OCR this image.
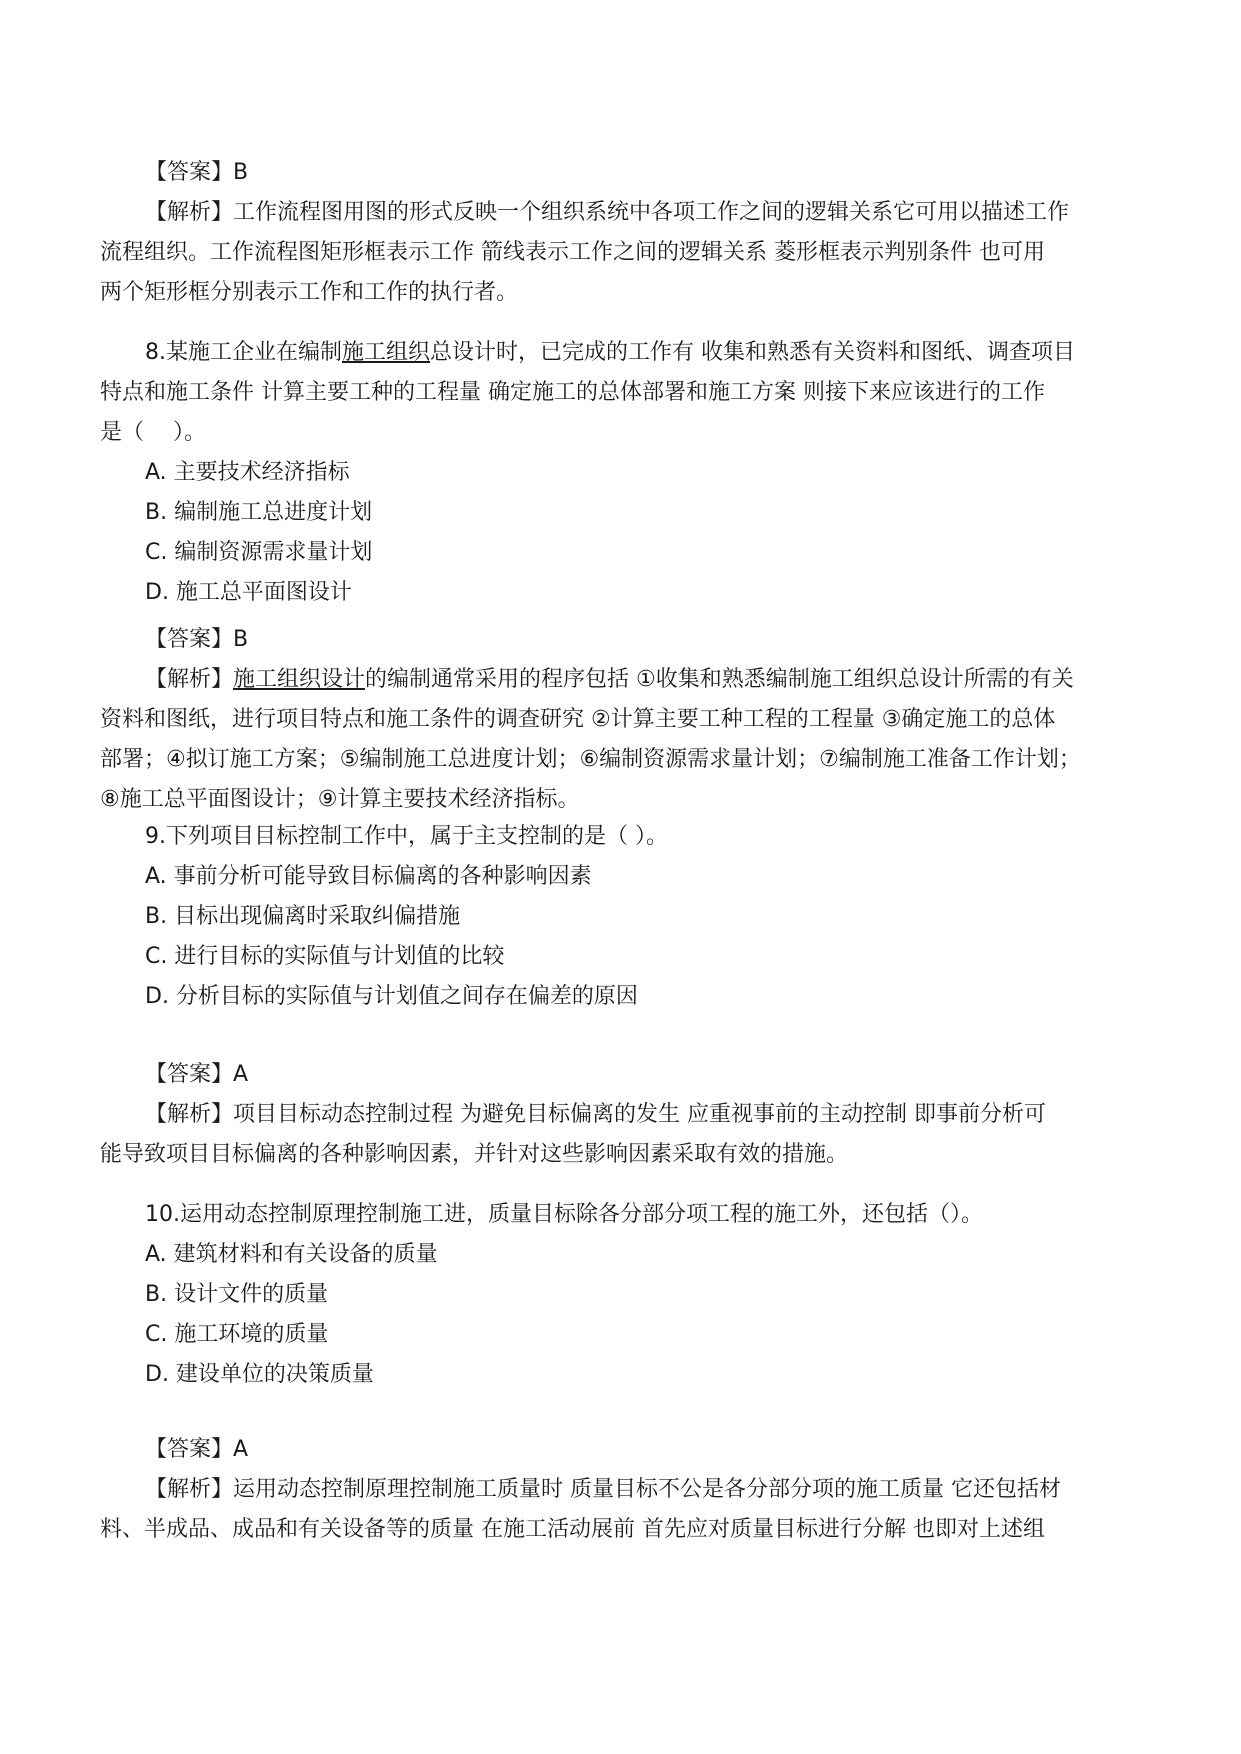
【答案】B
【解析】工作流程图用图的形式反映一个组织系统中各项工作之间的逻辑关系它可用以描述工作
流程组织。工作流程图矩形框表示工作 箭线表示工作之间的逻辑关系 菱形框表示判别条件 也可用
两个矩形框分别表示工作和工作的执行者。
8.某施工企业在编制施工组织总设计时，已完成的工作有 收集和熟悉有关资料和图纸、调查项目
特点和施工条件 计算主要工种的工程量 确定施工的总体部署和施工方案 则接下来应该进行的工作
是（　 ）。
A. 主要技术经济指标
B. 编制施工总进度计划
C. 编制资源需求量计划
D. 施工总平面图设计
【答案】B
【解析】施工组织设计的编制通常采用的程序包括 ①收集和熟悉编制施工组织总设计所需的有关
资料和图纸，进行项目特点和施工条件的调查研究 ②计算主要工种工程的工程量 ③确定施工的总体
部署；④拟订施工方案；⑤编制施工总进度计划；⑥编制资源需求量计划；⑦编制施工准备工作计划；
⑧施工总平面图设计；⑨计算主要技术经济指标。
9.下列项目目标控制工作中，属于主支控制的是（ ）。
A. 事前分析可能导致目标偏离的各种影响因素
B. 目标出现偏离时采取纠偏措施
C. 进行目标的实际值与计划值的比较
D. 分析目标的实际值与计划值之间存在偏差的原因
【答案】A
【解析】项目目标动态控制过程 为避免目标偏离的发生 应重视事前的主动控制 即事前分析可
能导致项目目标偏离的各种影响因素，并针对这些影响因素采取有效的措施。
10.运用动态控制原理控制施工进，质量目标除各分部分项工程的施工外，还包括（）。
A. 建筑材料和有关设备的质量
B. 设计文件的质量
C. 施工环境的质量
D. 建设单位的决策质量
【答案】A
【解析】运用动态控制原理控制施工质量时 质量目标不公是各分部分项的施工质量 它还包括材
料、半成品、成品和有关设备等的质量 在施工活动展前 首先应对质量目标进行分解 也即对上述组
